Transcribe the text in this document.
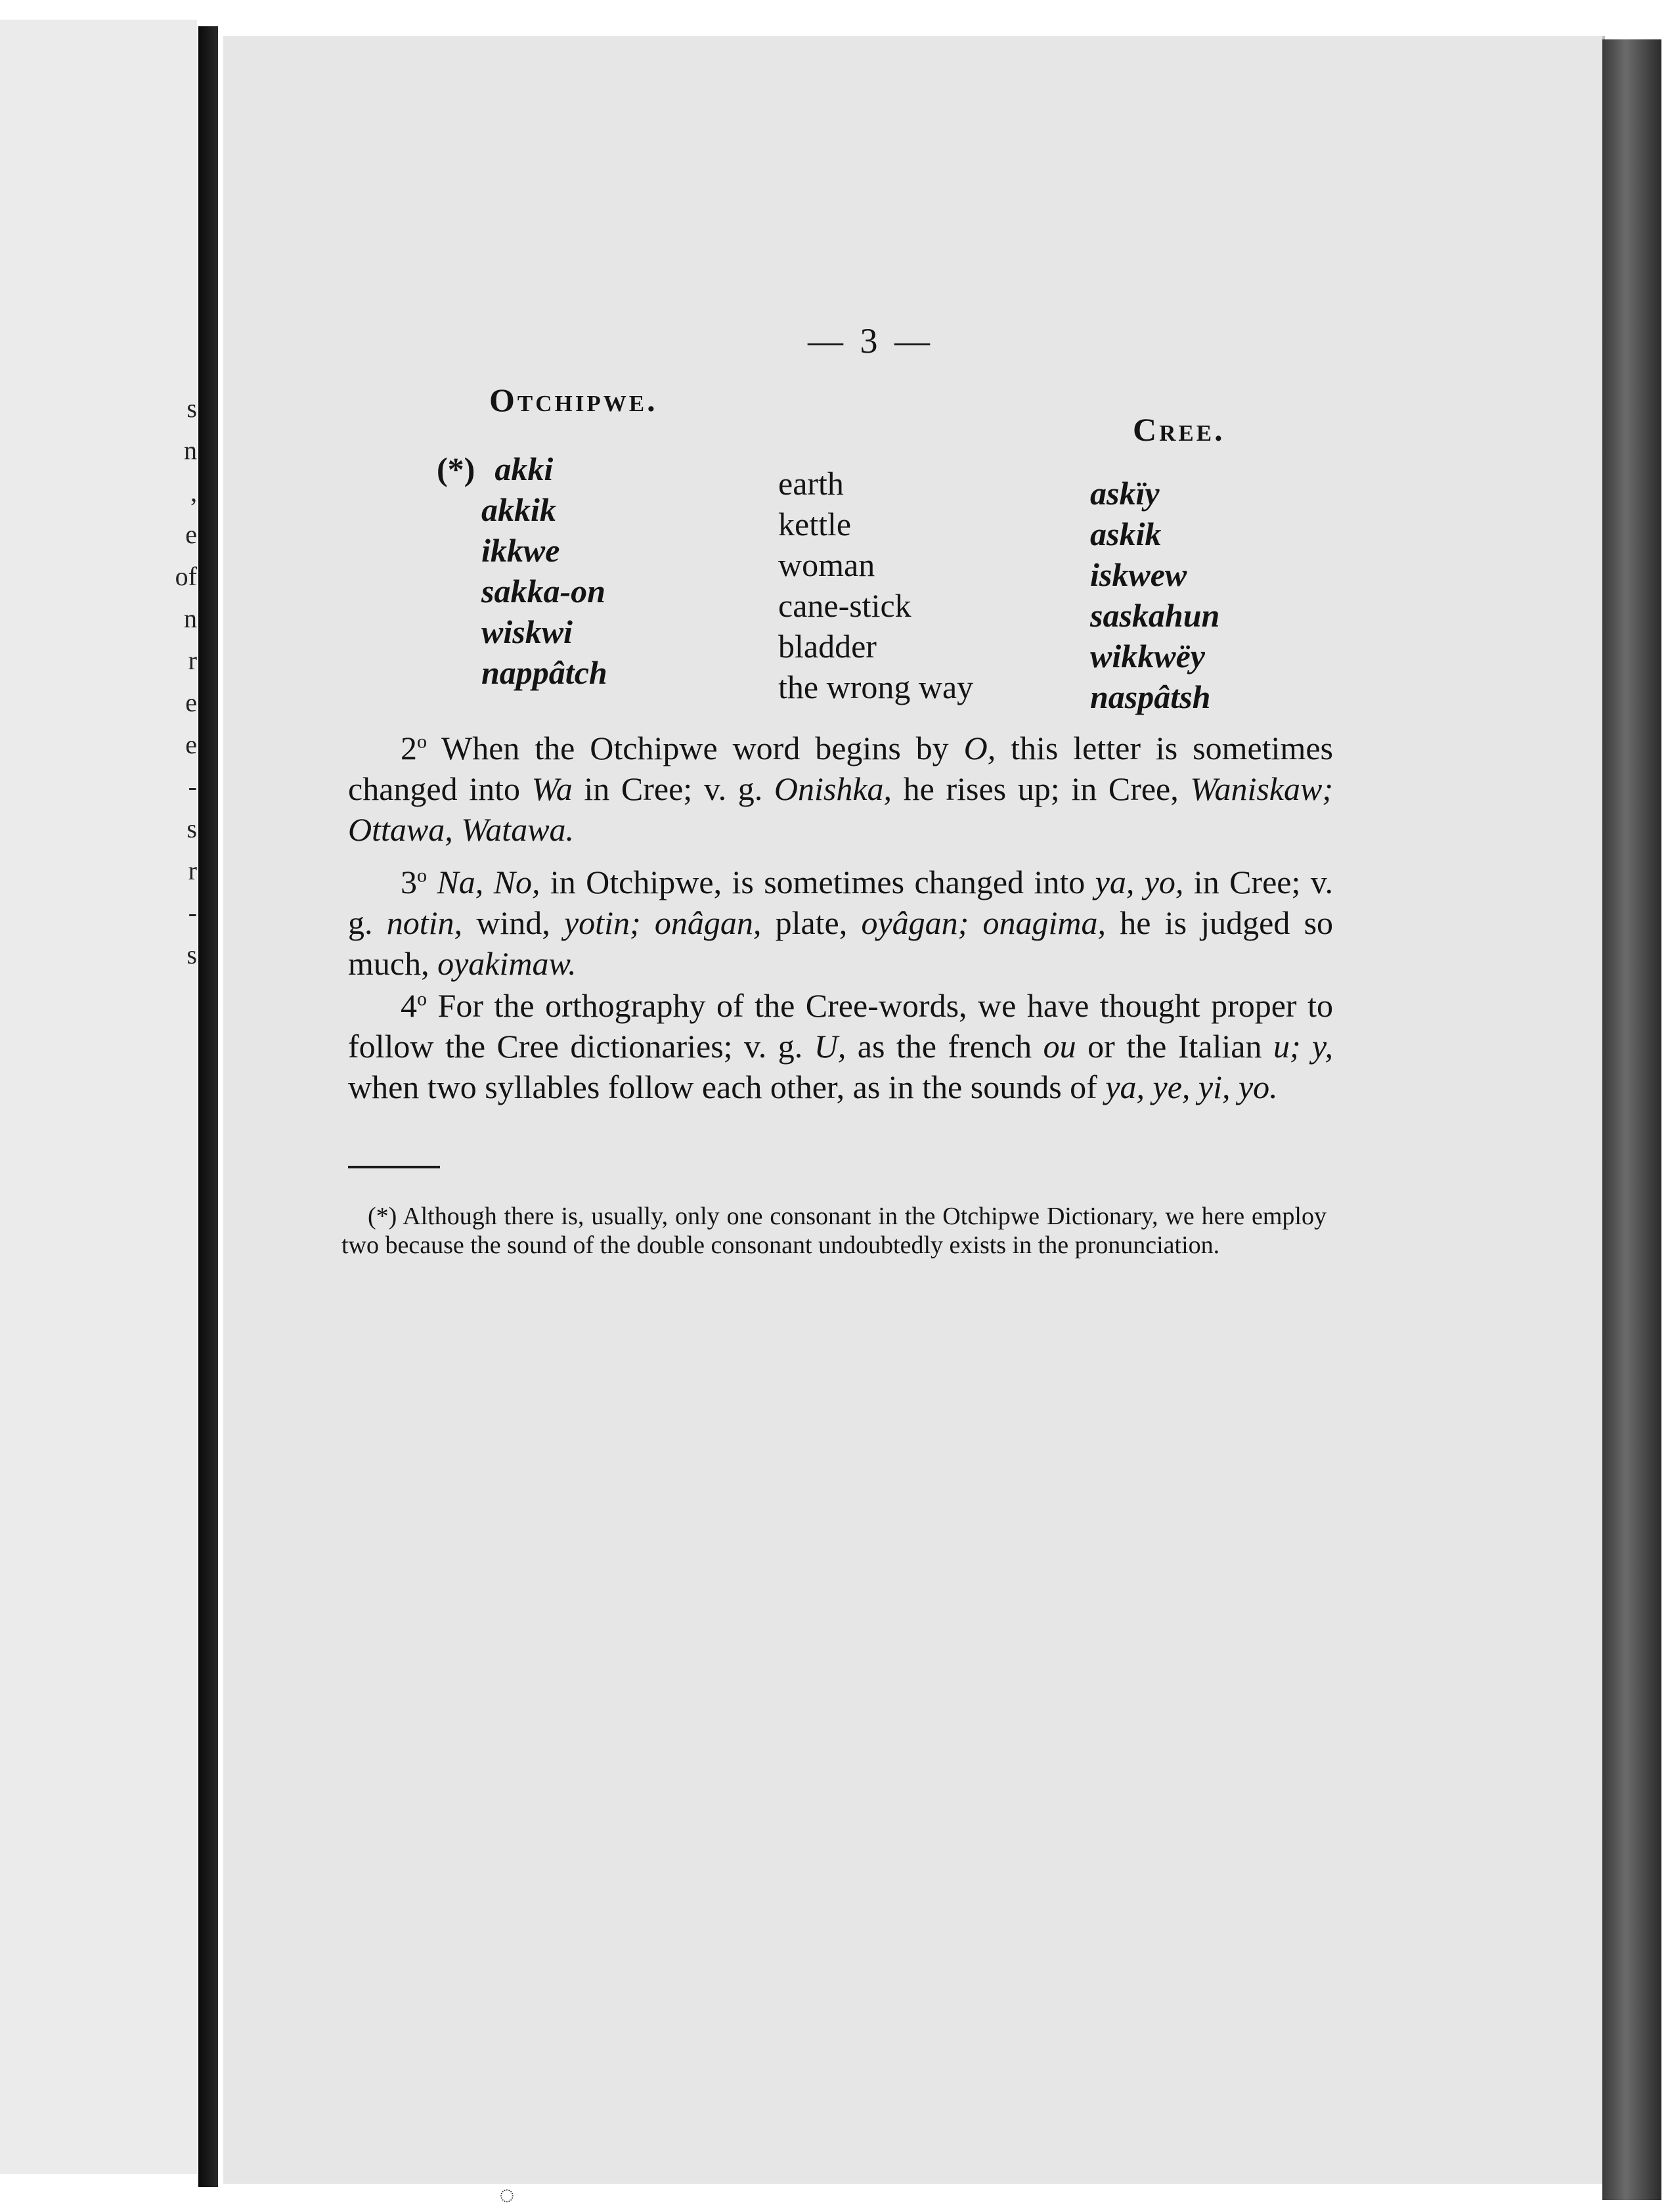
s
n
,
e
of
n
r
e
e
-
s
r
-
s
— 3 —
Otchipwe.
Cree.
(*) akki
akkik
ikkwe
sakka-on
wiskwi
nappâtch
earth
kettle
woman
cane-stick
bladder
the wrong way
askïy
askik
iskwew
saskahun
wikkwëy
naspâtsh

2$^o$ When the Otchipwe word begins by O, this letter is sometimes changed into Wa in Cree; v. g. Onishka, he rises up; in Cree, Waniskaw; Ottawa, Watawa.

3$^o$ Na, No, in Otchipwe, is sometimes changed into ya, yo, in Cree; v. g. notin, wind, yotin; onâgan, plate, oyâgan; onagima, he is judged so much, oyakimaw.

4$^o$ For the orthography of the Cree-words, we have thought proper to follow the Cree dictionaries; v. g. U, as the french ou or the Italian u; y, when two syllables follow each other, as in the sounds of ya, ye, yi, yo.

(*) Although there is, usually, only one consonant in the Otchipwe Dictionary, we here employ two because the sound of the double consonant undoubtedly exists in the pronunciation.

◌
